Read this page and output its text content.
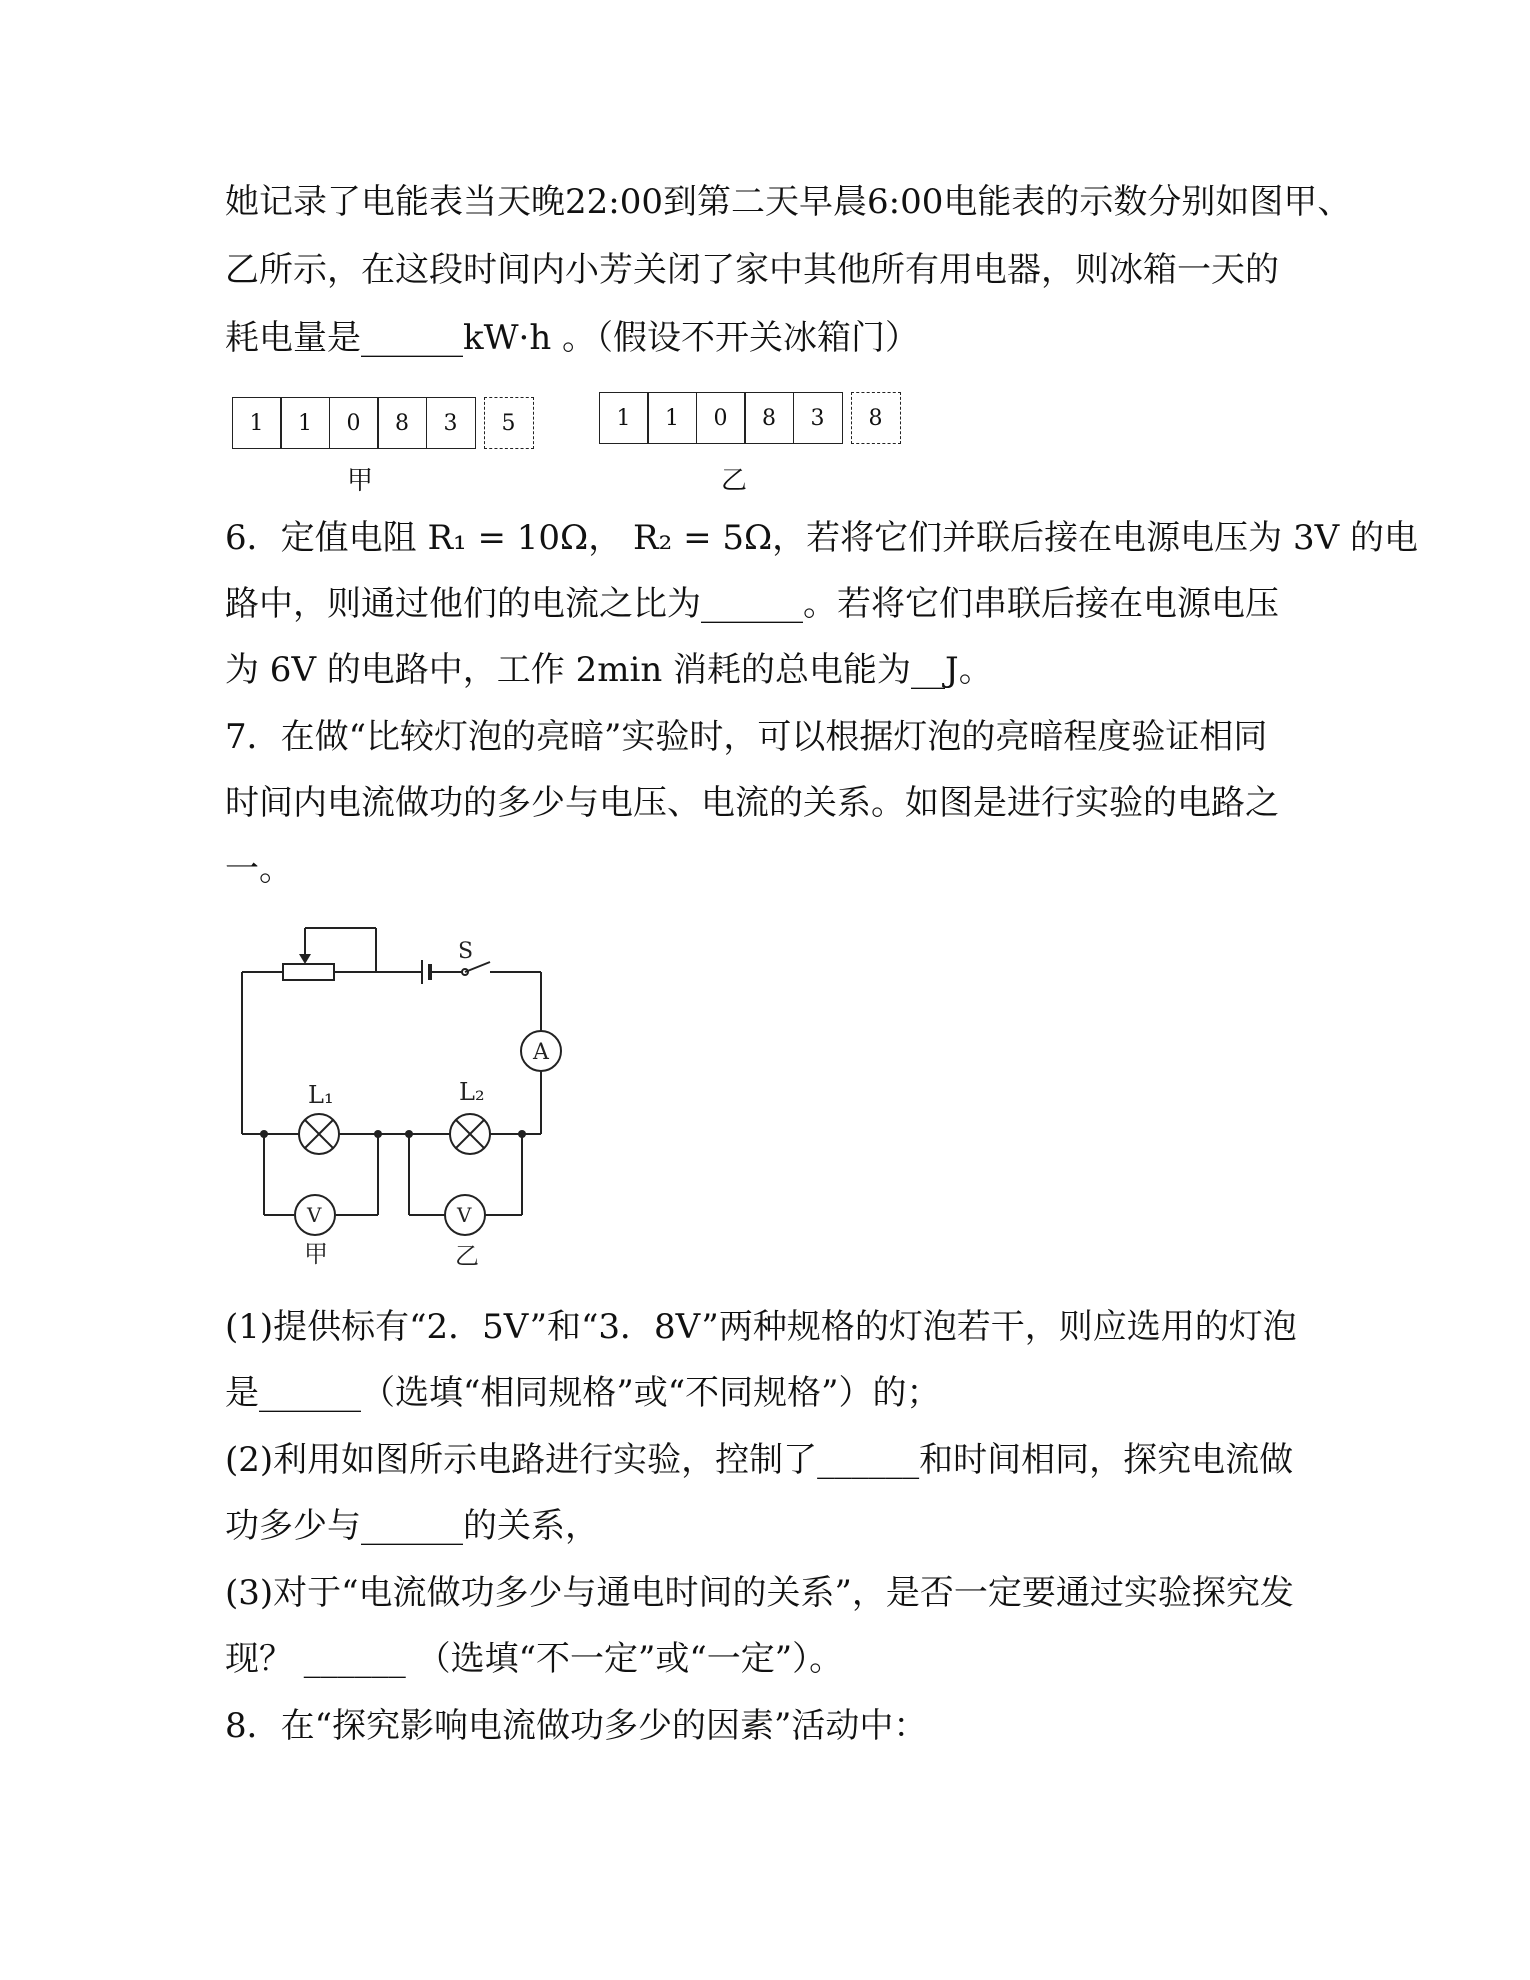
她记录了电能表当天晚22:00到第二天早晨6:00电能表的示数分别如图甲、
乙所示，在这段时间内小芳关闭了家中其他所有用电器，则冰箱一天的
耗电量是______kW·h 。（假设不开关冰箱门）
1	1	0	8	3	5
甲
1	1	0	8	3	8
乙
6．定值电阻 R₁ = 10Ω， R₂ = 5Ω，若将它们并联后接在电源电压为 3V 的电
路中，则通过他们的电流之比为______。若将它们串联后接在电源电压
为 6V 的电路中，工作 2min 消耗的总电能为__J。
7．在做“比较灯泡的亮暗”实验时，可以根据灯泡的亮暗程度验证相同
时间内电流做功的多少与电压、电流的关系。如图是进行实验的电路之
一。
S
A
L₁	L₂
V
甲
V
乙
(1)提供标有“2．5V”和“3．8V”两种规格的灯泡若干，则应选用的灯泡
是______（选填“相同规格”或“不同规格”）的；
(2)利用如图所示电路进行实验，控制了______和时间相同，探究电流做
功多少与______的关系，
(3)对于“电流做功多少与通电时间的关系”，是否一定要通过实验探究发
现？ ______ （选填“不一定”或“一定”）。
8．在“探究影响电流做功多少的因素”活动中：
